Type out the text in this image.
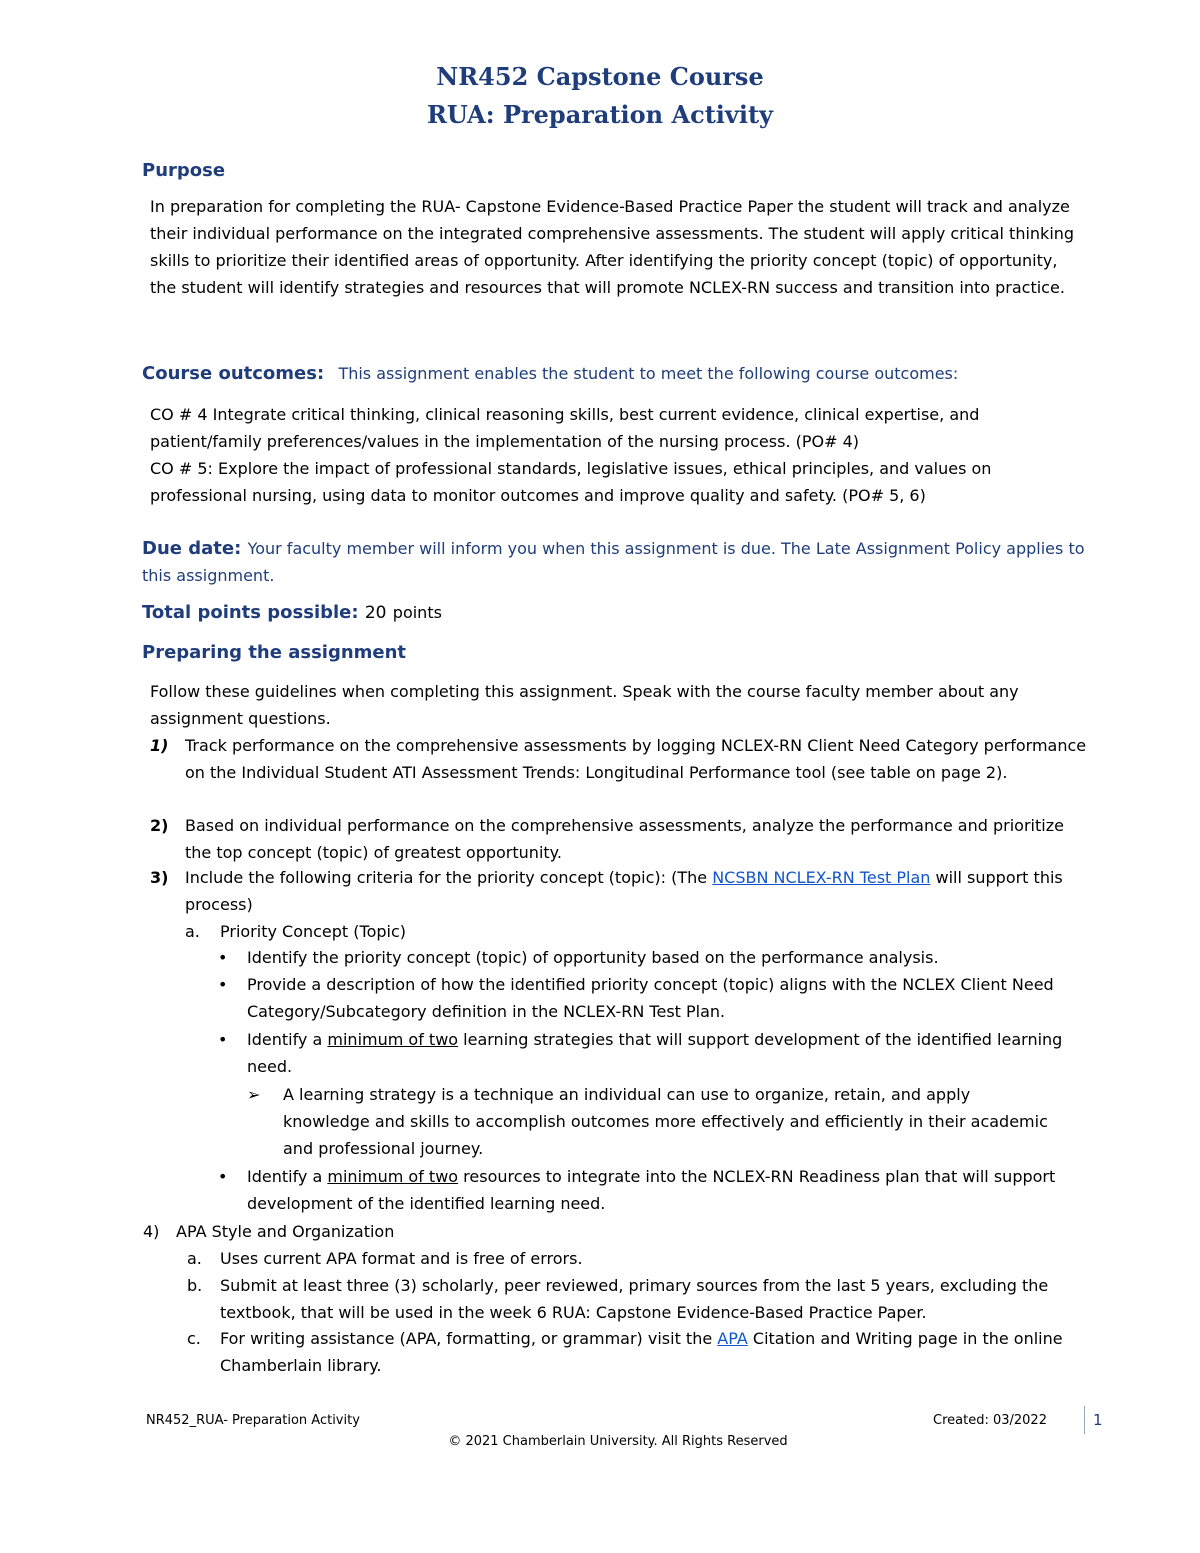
NR452 Capstone Course
RUA: Preparation Activity
Purpose
In preparation for completing the RUA- Capstone Evidence-Based Practice Paper the student will track and analyze their individual performance on the integrated comprehensive assessments. The student will apply critical thinking skills to prioritize their identified areas of opportunity. After identifying the priority concept (topic) of opportunity, the student will identify strategies and resources that will promote NCLEX-RN success and transition into practice.
Course outcomes: This assignment enables the student to meet the following course outcomes:
CO # 4 Integrate critical thinking, clinical reasoning skills, best current evidence, clinical expertise, and patient/family preferences/values in the implementation of the nursing process. (PO# 4)
CO # 5: Explore the impact of professional standards, legislative issues, ethical principles, and values on professional nursing, using data to monitor outcomes and improve quality and safety. (PO# 5, 6)
Due date: Your faculty member will inform you when this assignment is due. The Late Assignment Policy applies to this assignment.
Total points possible: 20 points
Preparing the assignment
Follow these guidelines when completing this assignment. Speak with the course faculty member about any assignment questions.
1) Track performance on the comprehensive assessments by logging NCLEX-RN Client Need Category performance on the Individual Student ATI Assessment Trends: Longitudinal Performance tool (see table on page 2).
2) Based on individual performance on the comprehensive assessments, analyze the performance and prioritize the top concept (topic) of greatest opportunity.
3) Include the following criteria for the priority concept (topic): (The NCSBN NCLEX-RN Test Plan will support this process)
a. Priority Concept (Topic)
• Identify the priority concept (topic) of opportunity based on the performance analysis.
• Provide a description of how the identified priority concept (topic) aligns with the NCLEX Client Need Category/Subcategory definition in the NCLEX-RN Test Plan.
• Identify a minimum of two learning strategies that will support development of the identified learning need.
➢ A learning strategy is a technique an individual can use to organize, retain, and apply knowledge and skills to accomplish outcomes more effectively and efficiently in their academic and professional journey.
• Identify a minimum of two resources to integrate into the NCLEX-RN Readiness plan that will support development of the identified learning need.
4) APA Style and Organization
a. Uses current APA format and is free of errors.
b. Submit at least three (3) scholarly, peer reviewed, primary sources from the last 5 years, excluding the textbook, that will be used in the week 6 RUA: Capstone Evidence-Based Practice Paper.
c. For writing assistance (APA, formatting, or grammar) visit the APA Citation and Writing page in the online Chamberlain library.
NR452_RUA- Preparation Activity	Created: 03/2022	1
© 2021 Chamberlain University. All Rights Reserved
